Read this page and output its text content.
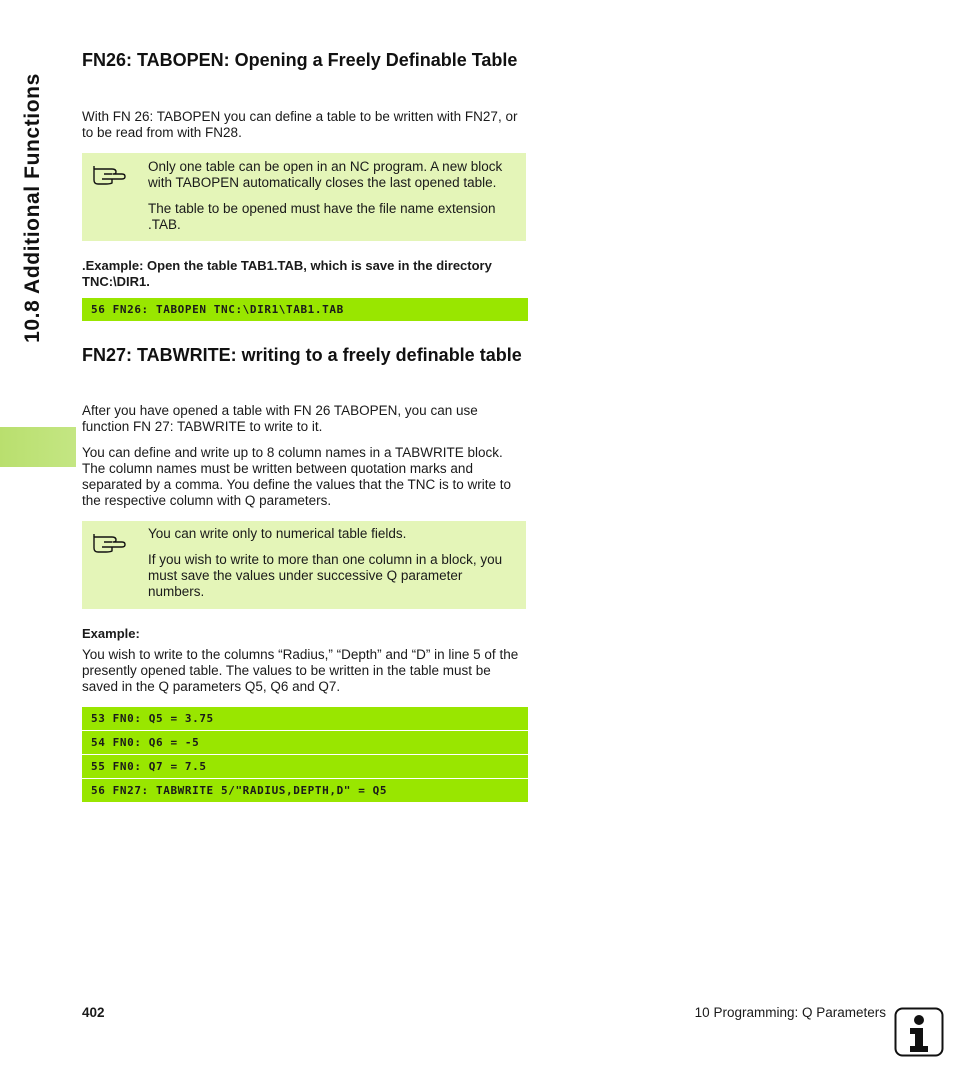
10.8 Additional Functions
FN26: TABOPEN: Opening a Freely Definable Table

With FN 26: TABOPEN you can define a table to be written with FN27, or to be read from with FN28.

Only one table can be open in an NC program. A new block with TABOPEN automatically closes the last opened table.

The table to be opened must have the file name extension .TAB.

.Example: Open the table TAB1.TAB, which is save in the directory TNC:\DIR1.

56 FN26: TABOPEN TNC:\DIR1\TAB1.TAB
FN27: TABWRITE: writing to a freely definable table

After you have opened a table with FN 26 TABOPEN, you can use function FN 27: TABWRITE to write to it.

You can define and write up to 8 column names in a TABWRITE block. The column names must be written between quotation marks and separated by a comma. You define the values that the TNC is to write to the respective column with Q parameters.

You can write only to numerical table fields.

If you wish to write to more than one column in a block, you must save the values under successive Q parameter numbers.

Example:

You wish to write to the columns “Radius,” “Depth” and “D” in line 5 of the presently opened table. The values to be written in the table must be saved in the Q parameters Q5, Q6 and Q7.

53 FN0: Q5 = 3.75
54 FN0: Q6 = -5
55 FN0: Q7 = 7.5
56 FN27: TABWRITE 5/"RADIUS,DEPTH,D" = Q5
402	10 Programming: Q Parameters
